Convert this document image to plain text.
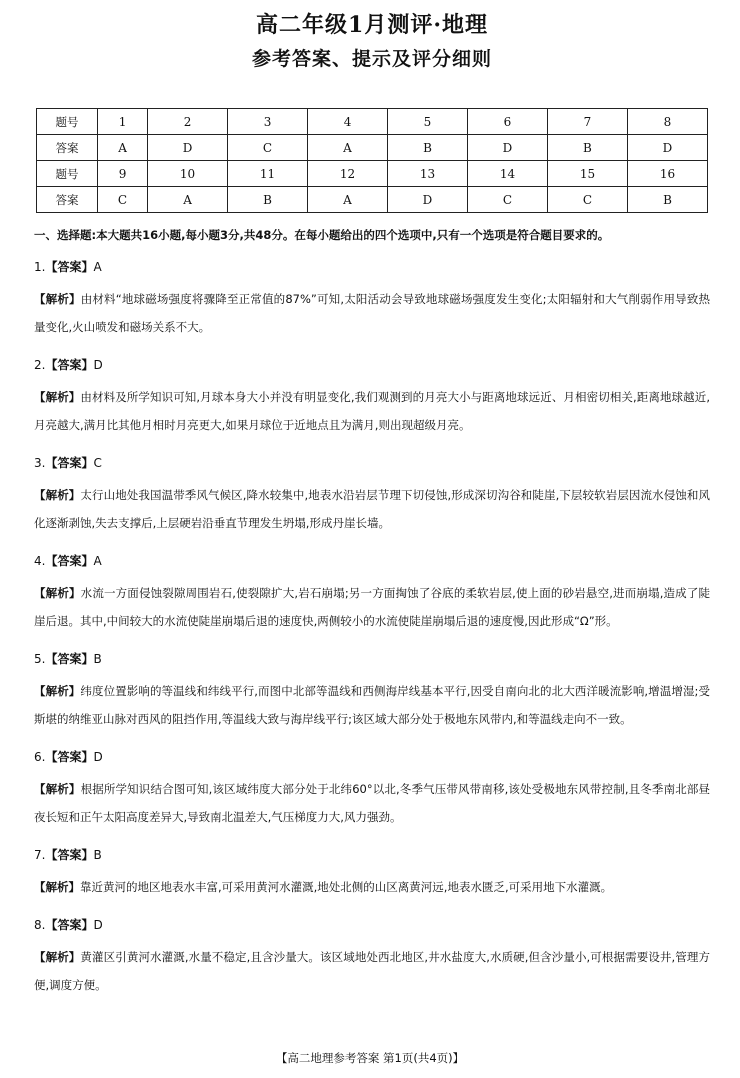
高二年级1月测评·地理
参考答案、提示及评分细则
题号	1	2	3	4	5	6	7	8
答案	A	D	C	A	B	D	B	D
题号	9	10	11	12	13	14	15	16
答案	C	A	B	A	D	C	C	B
一、选择题:本大题共16小题,每小题3分,共48分。在每小题给出的四个选项中,只有一个选项是符合题目要求的。
1.【答案】A
【解析】由材料“地球磁场强度将骤降至正常值的87%”可知,太阳活动会导致地球磁场强度发生变化;太阳辐射和大气削弱作用导致热量变化,火山喷发和磁场关系不大。
2.【答案】D
【解析】由材料及所学知识可知,月球本身大小并没有明显变化,我们观测到的月亮大小与距离地球远近、月相密切相关,距离地球越近,月亮越大,满月比其他月相时月亮更大,如果月球位于近地点且为满月,则出现超级月亮。
3.【答案】C
【解析】太行山地处我国温带季风气候区,降水较集中,地表水沿岩层节理下切侵蚀,形成深切沟谷和陡崖,下层较软岩层因流水侵蚀和风化逐渐剥蚀,失去支撑后,上层硬岩沿垂直节理发生坍塌,形成丹崖长墙。
4.【答案】A
【解析】水流一方面侵蚀裂隙周围岩石,使裂隙扩大,岩石崩塌;另一方面掏蚀了谷底的柔软岩层,使上面的砂岩悬空,进而崩塌,造成了陡崖后退。其中,中间较大的水流使陡崖崩塌后退的速度快,两侧较小的水流使陡崖崩塌后退的速度慢,因此形成“Ω”形。
5.【答案】B
【解析】纬度位置影响的等温线和纬线平行,而图中北部等温线和西侧海岸线基本平行,因受自南向北的北大西洋暖流影响,增温增湿;受斯堪的纳维亚山脉对西风的阻挡作用,等温线大致与海岸线平行;该区域大部分处于极地东风带内,和等温线走向不一致。
6.【答案】D
【解析】根据所学知识结合图可知,该区域纬度大部分处于北纬60°以北,冬季气压带风带南移,该处受极地东风带控制,且冬季南北部昼夜长短和正午太阳高度差异大,导致南北温差大,气压梯度力大,风力强劲。
7.【答案】B
【解析】靠近黄河的地区地表水丰富,可采用黄河水灌溉,地处北侧的山区离黄河远,地表水匮乏,可采用地下水灌溉。
8.【答案】D
【解析】黄灌区引黄河水灌溉,水量不稳定,且含沙量大。该区域地处西北地区,井水盐度大,水质硬,但含沙量小,可根据需要设井,管理方便,调度方便。
【高二地理参考答案 第1页(共4页)】
